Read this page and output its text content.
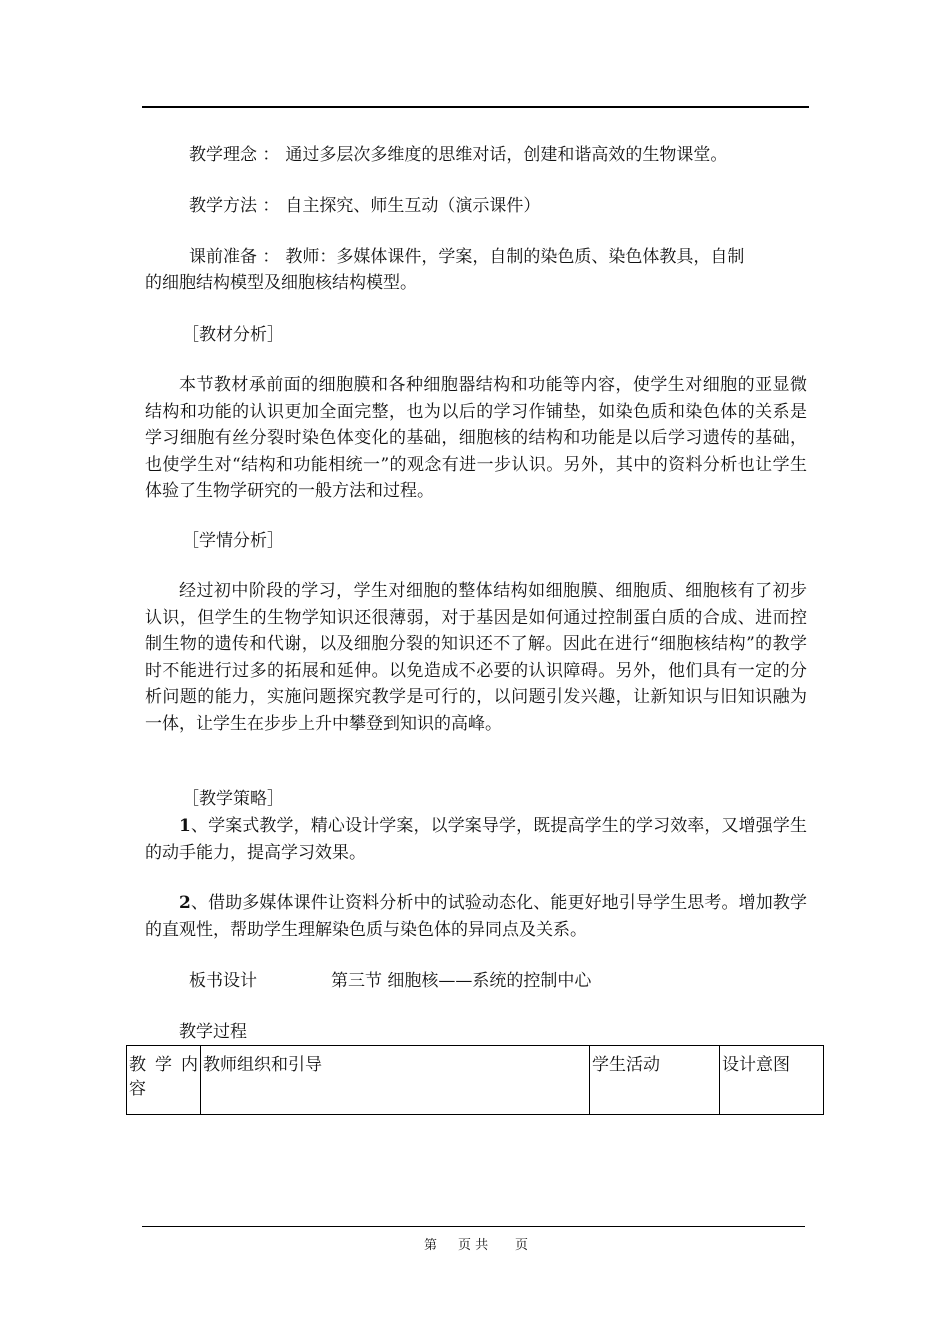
教学理念 ： 通过多层次多维度的思维对话，创建和谐高效的生物课堂。
教学方法 ： 自主探究、师生互动（演示课件）
课前准备 ： 教师：多媒体课件，学案，自制的染色质、染色体教具，自制
的细胞结构模型及细胞核结构模型。
［教材分析］
本节教材承前面的细胞膜和各种细胞器结构和功能等内容，使学生对细胞的亚显微结构和功能的认识更加全面完整，也为以后的学习作铺垫，如染色质和染色体的关系是学习细胞有丝分裂时染色体变化的基础，细胞核的结构和功能是以后学习遗传的基础，也使学生对“结构和功能相统一”的观念有进一步认识。另外，其中的资料分析也让学生体验了生物学研究的一般方法和过程。
［学情分析］
经过初中阶段的学习，学生对细胞的整体结构如细胞膜、细胞质、细胞核有了初步认识，但学生的生物学知识还很薄弱，对于基因是如何通过控制蛋白质的合成、进而控制生物的遗传和代谢，以及细胞分裂的知识还不了解。因此在进行“细胞核结构”的教学时不能进行过多的拓展和延伸。以免造成不必要的认识障碍。另外，他们具有一定的分析问题的能力，实施问题探究教学是可行的，以问题引发兴趣，让新知识与旧知识融为一体，让学生在步步上升中攀登到知识的高峰。
［教学策略］
1、学案式教学，精心设计学案，以学案导学，既提高学生的学习效率，又增强学生的动手能力，提高学习效果。
2、借助多媒体课件让资料分析中的试验动态化、能更好地引导学生思考。增加教学的直观性，帮助学生理解染色质与染色体的异同点及关系。
板书设计	第三节 细胞核——系统的控制中心
教学过程
教 学 内容	教师组织和引导	学生活动	设计意图
第 页 共 页
